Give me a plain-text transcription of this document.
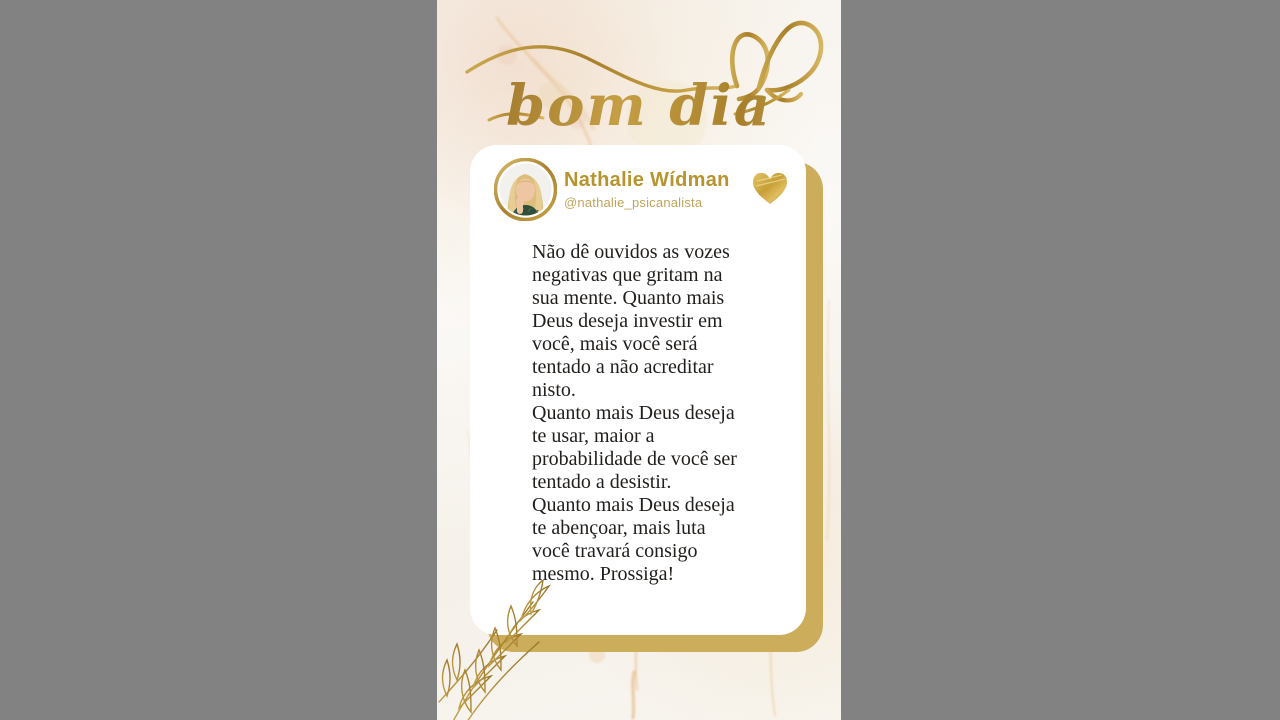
bom dia
Nathalie Wídman
@nathalie_psicanalista
Não dê ouvidos as vozes
negativas que gritam na
sua mente. Quanto mais
Deus deseja investir em
você, mais você será
tentado a não acreditar
nisto.
Quanto mais Deus deseja
te usar, maior a
probabilidade de você ser
tentado a desistir.
Quanto mais Deus deseja
te abençoar, mais luta
você travará consigo
mesmo. Prossiga!
